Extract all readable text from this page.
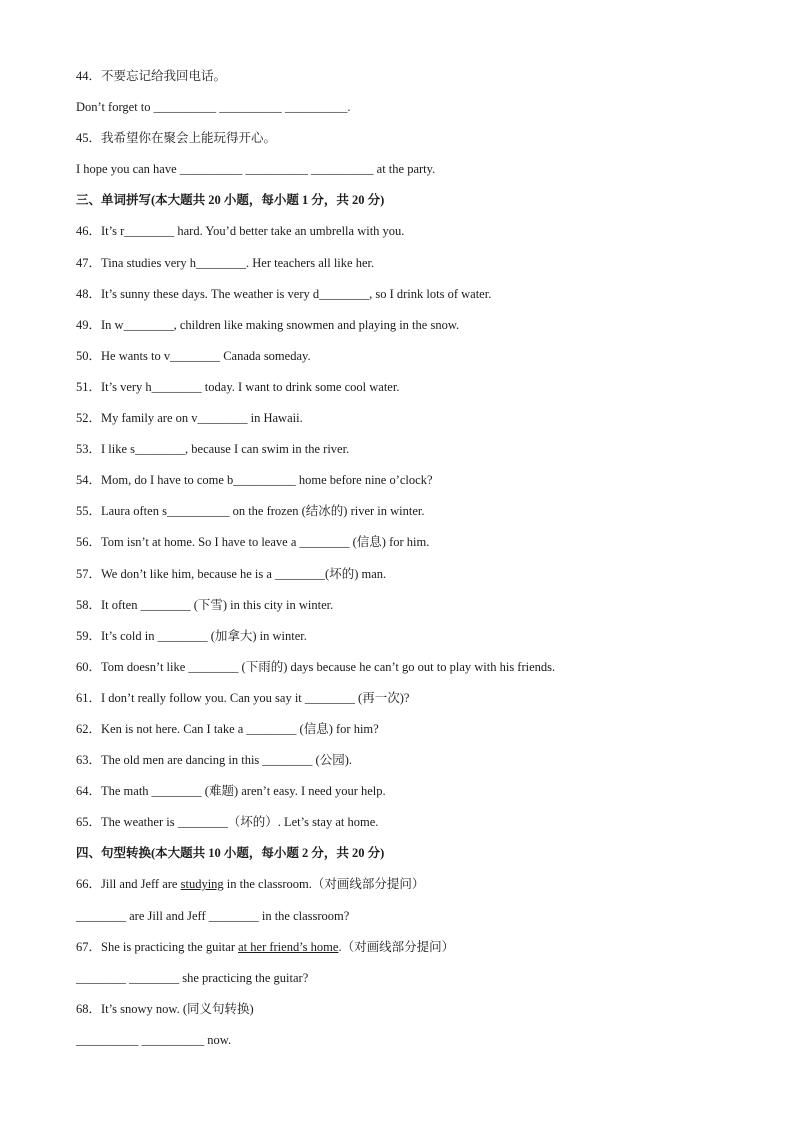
44．不要忘记给我回电话。
Don’t forget to __________ __________ __________.
45．我希望你在聚会上能玩得开心。
I hope you can have __________ __________ __________ at the party.
三、单词拼写(本大题共 20 小题，每小题 1 分，共 20 分)
46．It’s r________ hard. You’d better take an umbrella with you.
47．Tina studies very h________. Her teachers all like her.
48．It’s sunny these days. The weather is very d________, so I drink lots of water.
49．In w________, children like making snowmen and playing in the snow.
50．He wants to v________ Canada someday.
51．It’s very h________ today. I want to drink some cool water.
52．My family are on v________ in Hawaii.
53．I like s________, because I can swim in the river.
54．Mom, do I have to come b__________ home before nine o’clock?
55．Laura often s__________ on the frozen (结冰的) river in winter.
56．Tom isn’t at home. So I have to leave a ________ (信息) for him.
57．We don’t like him, because he is a ________(坏的) man.
58．It often ________ (下雪) in this city in winter.
59．It’s cold in ________ (加拿大) in winter.
60．Tom doesn’t like ________ (下雨的) days because he can’t go out to play with his friends.
61．I don’t really follow you. Can you say it ________ (再一次)?
62．Ken is not here. Can I take a ________ (信息) for him?
63．The old men are dancing in this ________ (公园).
64．The math ________ (难题) aren’t easy. I need your help.
65．The weather is ________（坏的）. Let’s stay at home.
四、句型转换(本大题共 10 小题，每小题 2 分，共 20 分)
66．Jill and Jeff are studying in the classroom.（对画线部分提问）
________ are Jill and Jeff ________ in the classroom?
67．She is practicing the guitar at her friend’s home.（对画线部分提问）
________ ________ she practicing the guitar?
68．It’s snowy now. (同义句转换)
__________ __________ now.
